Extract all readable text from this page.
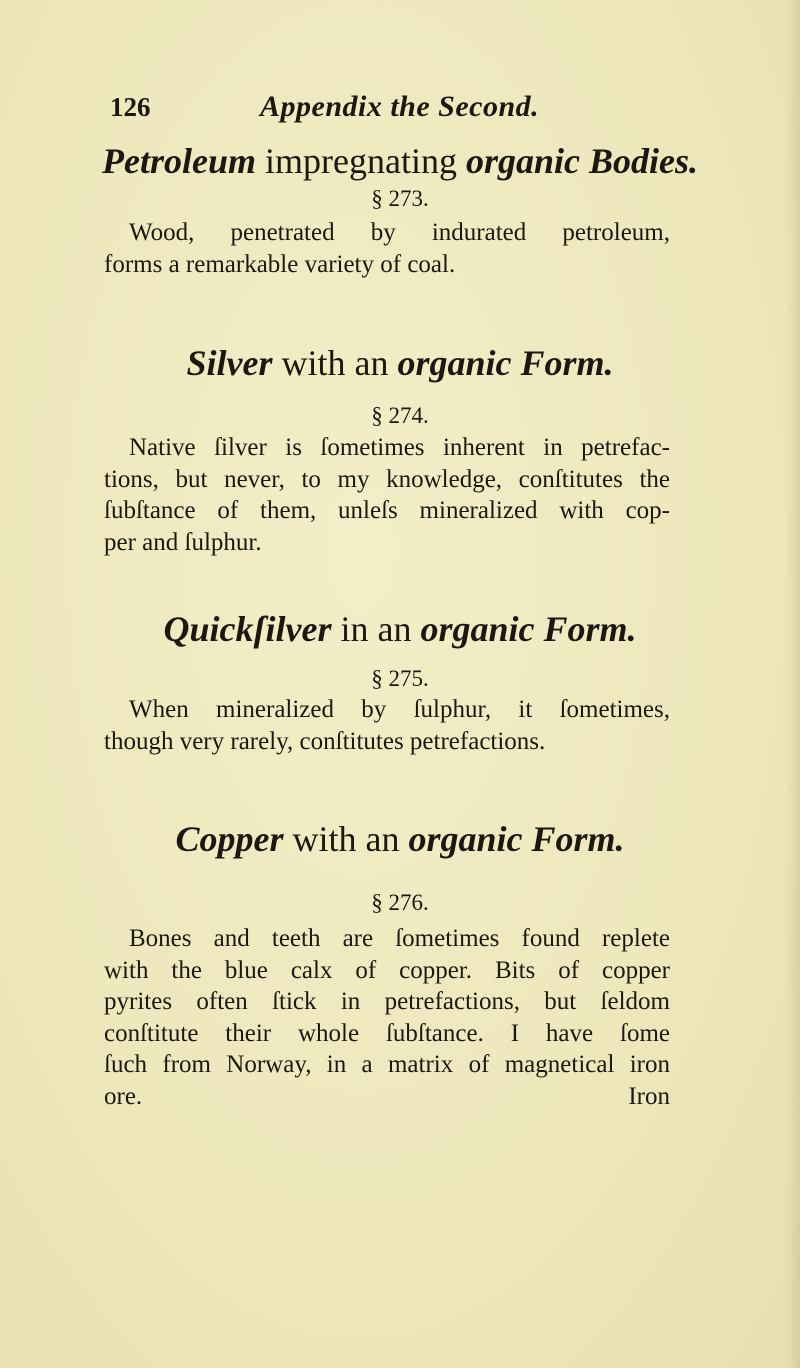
126	Appendix the Second.
Petroleum impregnating organic Bodies.
§ 273.
Wood, penetrated by indurated petroleum,
forms a remarkable variety of coal.
Silver with an organic Form.
§ 274.
Native ſilver is ſometimes inherent in petrefac-
tions, but never, to my knowledge, conſtitutes the
ſubſtance of them, unleſs mineralized with cop-
per and ſulphur.
Quickſilver in an organic Form.
§ 275.
When mineralized by ſulphur, it ſometimes,
though very rarely, conſtitutes petrefactions.
Copper with an organic Form.
§ 276.
Bones and teeth are ſometimes found replete
with the blue calx of copper. Bits of copper
pyrites often ſtick in petrefactions, but ſeldom
conſtitute their whole ſubſtance. I have ſome
ſuch from Norway, in a matrix of magnetical iron
ore.	Iron
